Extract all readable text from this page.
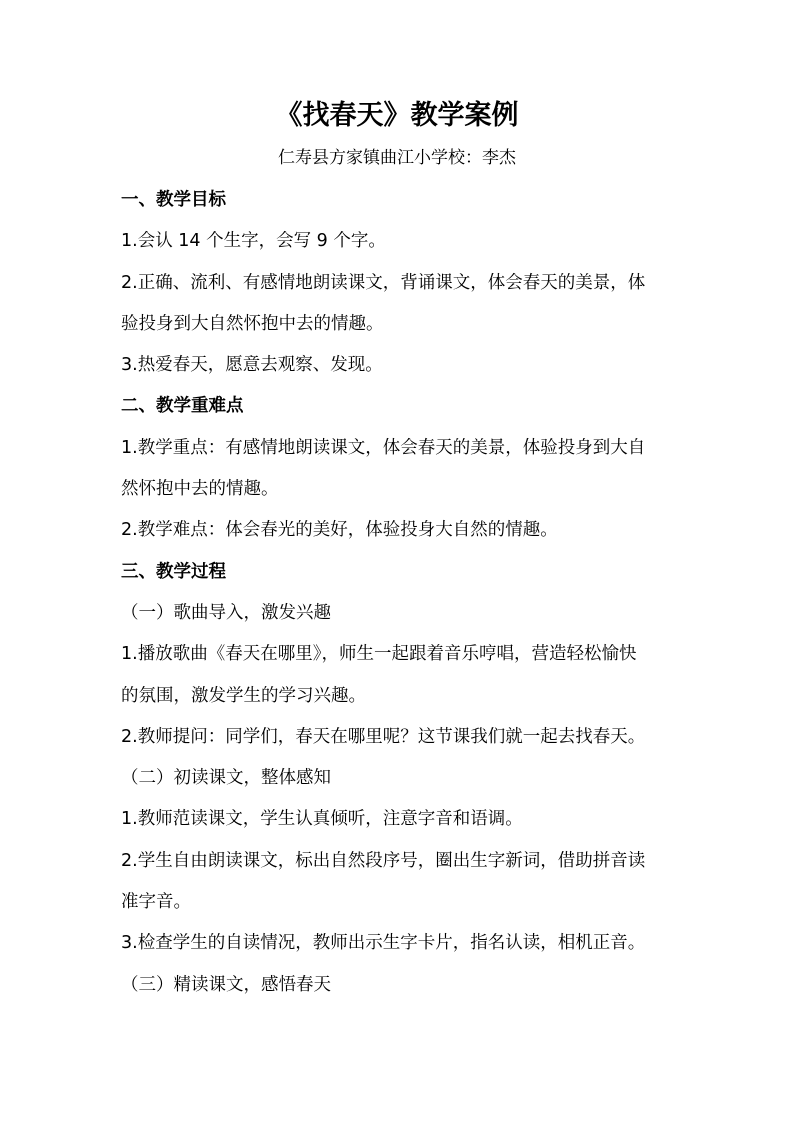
《找春天》教学案例
仁寿县方家镇曲江小学校：李杰
一、教学目标
1.会认 14 个生字，会写 9 个字。
2.正确、流利、有感情地朗读课文，背诵课文，体会春天的美景，体
验投身到大自然怀抱中去的情趣。
3.热爱春天，愿意去观察、发现。
二、教学重难点
1.教学重点：有感情地朗读课文，体会春天的美景，体验投身到大自
然怀抱中去的情趣。
2.教学难点：体会春光的美好，体验投身大自然的情趣。
三、教学过程
（一）歌曲导入，激发兴趣
1.播放歌曲《春天在哪里》，师生一起跟着音乐哼唱，营造轻松愉快
的氛围，激发学生的学习兴趣。
2.教师提问：同学们，春天在哪里呢？这节课我们就一起去找春天。
（二）初读课文，整体感知
1.教师范读课文，学生认真倾听，注意字音和语调。
2.学生自由朗读课文，标出自然段序号，圈出生字新词，借助拼音读
准字音。
3.检查学生的自读情况，教师出示生字卡片，指名认读，相机正音。
（三）精读课文，感悟春天
